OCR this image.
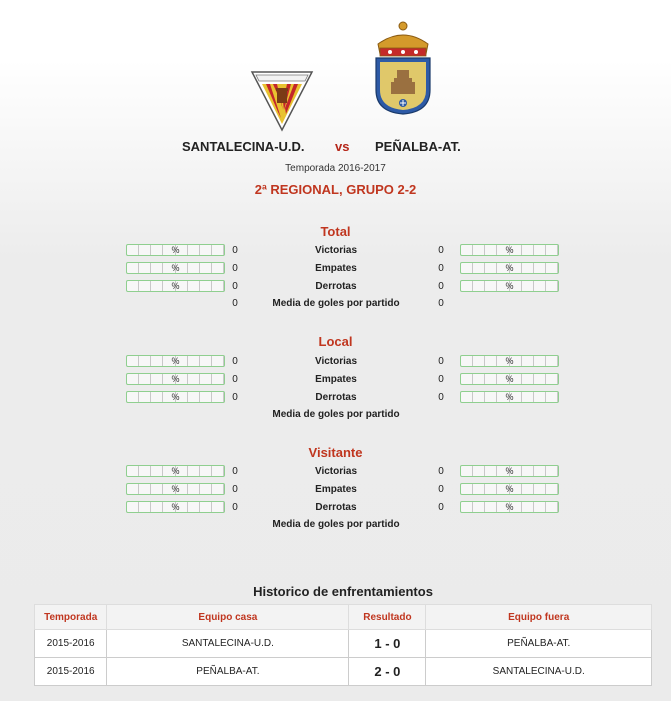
SANTALECINA-U.D. vs PEÑALBA-AT.
Temporada 2016-2017
2ª REGIONAL, GRUPO 2-2
Total
%	0	Victorias	0	%
%	0	Empates	0	%
%	0	Derrotas	0	%
0	Media de goles por partido	0
Local
%	0	Victorias	0	%
%	0	Empates	0	%
%	0	Derrotas	0	%
Media de goles por partido
Visitante
%	0	Victorias	0	%
%	0	Empates	0	%
%	0	Derrotas	0	%
Media de goles por partido
Historico de enfrentamientos
Temporada	Equipo casa	Resultado	Equipo fuera
2015-2016	SANTALECINA-U.D.	1 - 0	PEÑALBA-AT.
2015-2016	PEÑALBA-AT.	2 - 0	SANTALECINA-U.D.
